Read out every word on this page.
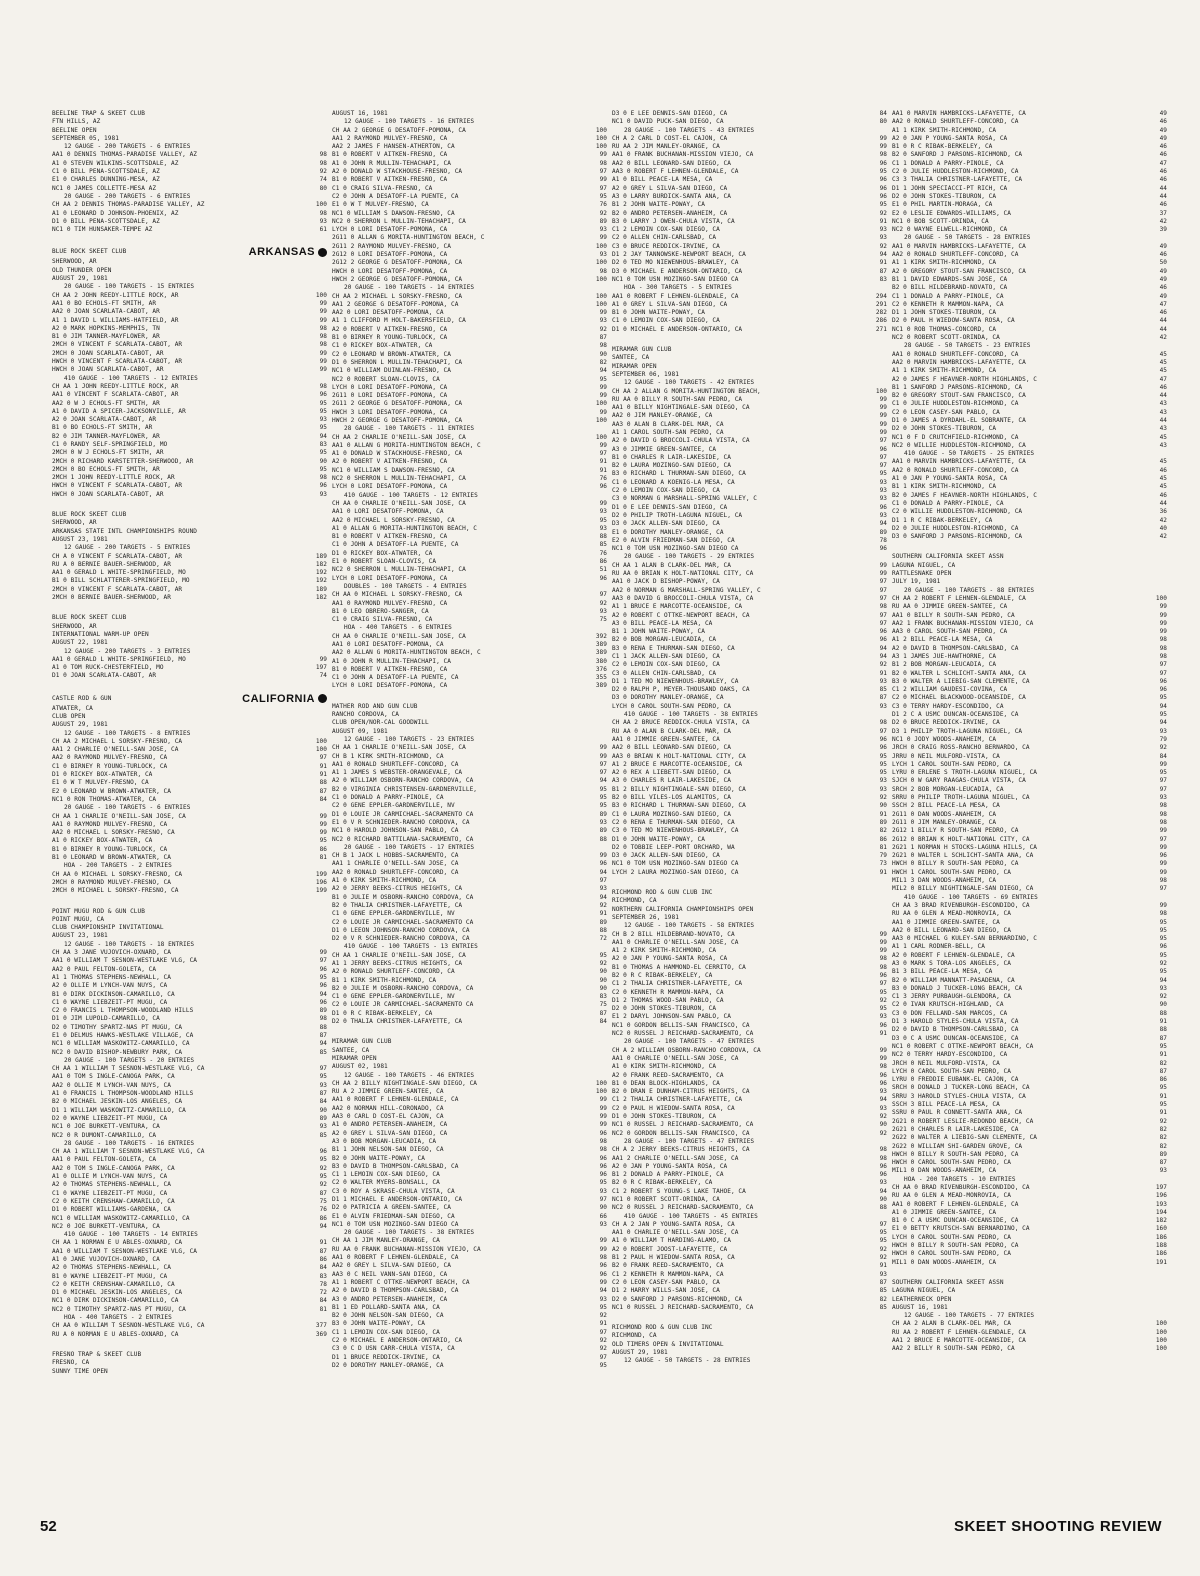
BEELINE TRAP & SKEET CLUB
FTN HILLS, AZ
BEELINE OPEN
SEPTEMBER 05, 1981
12 GAUGE - 200 TARGETS - 6 ENTRIES
AA1 0 DENNIS THOMAS-PARADISE VALLEY, AZ	98
A1 0 STEVEN WILKINS-SCOTTSDALE, AZ	98
C1 0 BILL PENA-SCOTTSDALE, AZ	92
E1 0 CHARLES DUNNING-MESA, AZ	74
NC1 0 JAMES COLLETTE-MESA AZ	80
20 GAUGE - 200 TARGETS - 6 ENTRIES
CH AA 2 DENNIS THOMAS-PARADISE VALLEY, AZ	100
A1 0 LEONARD D JOHNSON-PHOENIX, AZ	98
D1 0 BILL PENA-SCOTTSDALE, AZ	93
NC1 0 TIM HUNSAKER-TEMPE AZ	61
BLUE ROCK SKEET CLUB	ARKANSAS
SHERWOOD, AR
OLD THUNDER OPEN
AUGUST 29, 1981
20 GAUGE - 100 TARGETS - 15 ENTRIES
CH AA 2 JOHN REEDY-LITTLE ROCK, AR	100
AA1 0 BO ECHOLS-FT SMITH, AR	99
AA2 0 JOAN SCARLATA-CABOT, AR	99
A1 1 DAVID L WILLIAMS-HATFIELD, AR	99
A2 0 MARK HOPKINS-MEMPHIS, TN	98
B1 0 JIM TANNER-MAYFLOWER, AR	98
2MCH 0 VINCENT F SCARLATA-CABOT, AR	98
2MCH 0 JOAN SCARLATA-CABOT, AR	99
HWCH 0 VINCENT F SCARLATA-CABOT, AR	99
HWCH 0 JOAN SCARLATA-CABOT, AR	99
410 GAUGE - 100 TARGETS - 12 ENTRIES
CH AA 1 JOHN REEDY-LITTLE ROCK, AR	98
AA1 0 VINCENT F SCARLATA-CABOT, AR	96
AA2 0 W J ECHOLS-FT SMITH, AR	95
A1 0 DAVID A SPICER-JACKSONVILLE, AR	95
A2 0 JOAN SCARLATA-CABOT, AR	93
B1 0 BO ECHOLS-FT SMITH, AR	95
B2 0 JIM TANNER-MAYFLOWER, AR	94
C1 0 RANDY SELF-SPRINGFIELD, MO	83
2MCH 0 W J ECHOLS-FT SMITH, AR	95
2MCH 0 RICHARD KARSTETTER-SHERWOOD, AR	90
2MCH 0 BO ECHOLS-FT SMITH, AR	95
2MCH 1 JOHN REEDY-LITTLE ROCK, AR	98
HWCH 0 VINCENT F SCARLATA-CABOT, AR	96
HWCH 0 JOAN SCARLATA-CABOT, AR	93
BLUE ROCK SKEET CLUB
SHERWOOD, AR
ARKANSAS STATE INTL CHAMPIONSHIPS ROUND
AUGUST 23, 1981
12 GAUGE - 200 TARGETS - 5 ENTRIES
CH A 0 VINCENT F SCARLATA-CABOT, AR	189
RU A 0 BERNIE BAUER-SHERWOOD, AR	182
AA1 0 GERALD L WHITE-SPRINGFIELD, MO	192
B1 0 BILL SCHLATTERER-SPRINGFIELD, MO	192
2MCH 0 VINCENT F SCARLATA-CABOT, AR	189
2MCH 0 BERNIE BAUER-SHERWOOD, AR	182
BLUE ROCK SKEET CLUB
SHERWOOD, AR
INTERNATIONAL WARM-UP OPEN
AUGUST 22, 1981
12 GAUGE - 200 TARGETS - 3 ENTRIES
AA1 0 GERALD L WHITE-SPRINGFIELD, MO	99
A1 0 TOM RUCK-CHESTERFIELD, MO	197
D1 0 JOAN SCARLATA-CABOT, AR	74
CASTLE ROD & GUN	CALIFORNIA
ATWATER, CA
CLUB OPEN
AUGUST 29, 1981
12 GAUGE - 100 TARGETS - 8 ENTRIES
CH AA 2 MICHAEL L SORSKY-FRESNO, CA	100
AA1 2 CHARLIE O'NEILL-SAN JOSE, CA	100
AA2 0 RAYMOND MULVEY-FRESNO, CA	97
C1 0 BIRNEY R YOUNG-TURLOCK, CA	91
D1 0 RICKEY BOX-ATWATER, CA	91
E1 0 W T MULVEY-FRESNO, CA	88
E2 0 LEONARD W BROWN-ATWATER, CA	87
NC1 0 RON THOMAS-ATWATER, CA	84
20 GAUGE - 100 TARGETS - 6 ENTRIES
CH AA 1 CHARLIE O'NEILL-SAN JOSE, CA	99
AA1 0 RAYMOND MULVEY-FRESNO, CA	99
AA2 0 MICHAEL L SORSKY-FRESNO, CA	99
A1 0 RICKEY BOX-ATWATER, CA	95
B1 0 BIRNEY R YOUNG-TURLOCK, CA	86
B1 0 LEONARD W BROWN-ATWATER, CA	81
HOA - 200 TARGETS - 2 ENTRIES
CH AA 0 MICHAEL L SORSKY-FRESNO, CA	199
2MCH 0 RAYMOND MULVEY-FRESNO, CA	196
2MCH 0 MICHAEL L SORSKY-FRESNO, CA	199
POINT MUGU ROD & GUN CLUB
POINT MUGU, CA
CLUB CHAMPIONSHIP INVITATIONAL
AUGUST 23, 1981
12 GAUGE - 100 TARGETS - 18 ENTRIES
CH AA 3 JANE VUJOVICH-OXNARD, CA	99
AA1 0 WILLIAM T SESNON-WESTLAKE VLG, CA	97
AA2 0 PAUL FELTON-GOLETA, CA	96
A1 1 THOMAS STEPHENS-NEWHALL, CA	95
A2 0 OLLIE M LYNCH-VAN NUYS, CA	96
B1 0 DIRK DICKINSON-CAMARILLO, CA	94
C1 0 WAYNE LIEBZEIT-PT MUGU, CA	96
C2 0 FRANCIS L THOMPSON-WOODLAND HILLS	89
D1 0 JIM LUPOLD-CAMARILLO, CA	98
D2 0 TIMOTHY SPARTZ-NAS PT MUGU, CA	88
E1 0 DELMUS HAWKS-WESTLAKE VILLAGE, CA	87
NC1 0 WILLIAM WASKOWITZ-CAMARILLO, CA	94
NC2 0 DAVID BISHOP-NEWBURY PARK, CA	85
20 GAUGE - 100 TARGETS - 20 ENTRIES
CH AA 1 WILLIAM T SESNON-WESTLAKE VLG, CA	97
AA1 0 TOM S INGLE-CANOGA PARK, CA	95
AA2 0 OLLIE M LYNCH-VAN NUYS, CA	93
A1 0 FRANCIS L THOMPSON-WOODLAND HILLS	87
B2 0 MICHAEL JESKIN-LOS ANGELES, CA	84
D1 1 WILLIAM WASKOWITZ-CAMARILLO, CA	90
D2 0 WAYNE LIEBZEIT-PT MUGU, CA	89
NC1 0 JOE BURKETT-VENTURA, CA	93
NC2 0 R DUMONT-CAMARILLO, CA	85
28 GAUGE - 100 TARGETS - 16 ENTRIES
CH AA 1 WILLIAM T SESNON-WESTLAKE VLG, CA	96
AA1 0 PAUL FELTON-GOLETA, CA	95
AA2 0 TOM S INGLE-CANOGA PARK, CA	92
A1 0 OLLIE M LYNCH-VAN NUYS, CA	95
A2 0 THOMAS STEPHENS-NEWHALL, CA	92
C1 0 WAYNE LIEBZEIT-PT MUGU, CA	87
C2 0 KEITH CRENSHAW-CAMARILLO, CA	75
D1 0 ROBERT WILLIAMS-GARDENA, CA	76
NC1 0 WILLIAM WASKOWITZ-CAMARILLO, CA	86
NC2 0 JOE BURKETT-VENTURA, CA	94
410 GAUGE - 100 TARGETS - 14 ENTRIES
CH AA 1 NORMAN E U ABLES-OXNARD, CA	91
AA1 0 WILLIAM T SESNON-WESTLAKE VLG, CA	87
A1 0 JANE VUJOVICH-OXNARD, CA	86
A2 0 THOMAS STEPHENS-NEWHALL, CA	84
B1 0 WAYNE LIEBZEIT-PT MUGU, CA	83
C2 0 KEITH CRENSHAW-CAMARILLO, CA	78
D1 0 MICHAEL JESKIN-LOS ANGELES, CA	72
NC1 0 DIRK DICKINSON-CAMARILLO, CA	84
NC2 0 TIMOTHY SPARTZ-NAS PT MUGU, CA	81
HOA - 400 TARGETS - 2 ENTRIES
CH AA 0 WILLIAM T SESNON-WESTLAKE VLG, CA	377
RU A 0 NORMAN E U ABLES-OXNARD, CA	369
FRESNO TRAP & SKEET CLUB
FRESNO, CA
SUNNY TIME OPEN
AUGUST 16, 1981
12 GAUGE - 100 TARGETS - 16 ENTRIES
CH AA 2 GEORGE G DESATOFF-POMONA, CA	100
AA1 2 RAYMOND MULVEY-FRESNO, CA	100
AA2 2 JAMES F HANSEN-ATHERTON, CA	100
B1 0 ROBERT V AITKEN-FRESNO, CA	99
A1 0 JOHN R MULLIN-TEHACHAPI, CA	98
A2 0 DONALD W STACKHOUSE-FRESNO, CA	97
B1 0 ROBERT V AITKEN-FRESNO, CA	99
C1 0 CRAIG SILVA-FRESNO, CA	97
C2 0 JOHN A DESATOFF-LA PUENTE, CA	95
E1 0 W T MULVEY-FRESNO, CA	76
NC1 0 WILLIAM S DAWSON-FRESNO, CA	92
NC2 0 SHERRON L MULLIN-TEHACHAPI, CA	89
LYCH 0 LORI DESATOFF-POMONA, CA	93
2G11 0 ALLAN G MORITA-HUNTINGTON BEACH, C	99
2G11 2 RAYMOND MULVEY-FRESNO, CA	100
2G12 0 LORI DESATOFF-POMONA, CA	93
2G12 2 GEORGE G DESATOFF-POMONA, CA	100
HWCH 0 LORI DESATOFF-POMONA, CA	98
HWCH 2 GEORGE G DESATOFF-POMONA, CA	100
20 GAUGE - 100 TARGETS - 14 ENTRIES
CH AA 2 MICHAEL L SORSKY-FRESNO, CA	100
AA1 2 GEORGE G DESATOFF-POMONA, CA	100
AA2 0 LORI DESATOFF-POMONA, CA	99
A1 1 CLIFFORD M HOLT-BAKERSFIELD, CA	93
A2 0 ROBERT V AITKEN-FRESNO, CA	92
B1 0 BIRNEY R YOUNG-TURLOCK, CA	87
C1 0 RICKEY BOX-ATWATER, CA	98
C2 0 LEONARD W BROWN-ATWATER, CA	90
D1 0 SHERRON L MULLIN-TEHACHAPI, CA	82
NC1 0 WILLIAM DUINLAN-FRESNO, CA	94
NC2 0 ROBERT SLOAN-CLOVIS, CA	95
LYCH 0 LORI DESATOFF-POMONA, CA	99
2G11 0 LORI DESATOFF-POMONA, CA	99
2G11 2 GEORGE G DESATOFF-POMONA, CA	100
HWCH 3 LORI DESATOFF-POMONA, CA	99
HWCH 2 GEORGE G DESATOFF-POMONA, CA	100
28 GAUGE - 100 TARGETS - 11 ENTRIES
CH AA 2 CHARLIE O'NEILL-SAN JOSE, CA	100
AA1 0 ALLAN G MORITA-HUNTINGTON BEACH, C	99
A1 0 DONALD W STACKHOUSE-FRESNO, CA	97
A2 0 ROBERT V AITKEN-FRESNO, CA	91
NC1 0 WILLIAM S DAWSON-FRESNO, CA	91
NC2 0 SHERRON L MULLIN-TEHACHAPI, CA	76
LYCH 0 LORI DESATOFF-POMONA, CA	96
410 GAUGE - 100 TARGETS - 12 ENTRIES
CH AA 0 CHARLIE O'NEILL-SAN JOSE, CA	99
AA1 0 LORI DESATOFF-POMONA, CA	93
AA2 0 MICHAEL L SORSKY-FRESNO, CA	95
A1 0 ALLAN G MORITA-HUNTINGTON BEACH, C	93
B1 0 ROBERT V AITKEN-FRESNO, CA	88
C1 0 JOHN A DESATOFF-LA PUENTE, CA	85
D1 0 RICKEY BOX-ATWATER, CA	76
E1 0 ROBERT SLOAN-CLOVIS, CA	86
NC2 0 SHERRON L MULLIN-TEHACHAPI, CA	51
LYCH 0 LORI DESATOFF-POMONA, CA	96
DOUBLES - 100 TARGETS - 4 ENTRIES
CH AA 0 MICHAEL L SORSKY-FRESNO, CA	97
AA1 0 RAYMOND MULVEY-FRESNO, CA	92
B1 0 LEO OBRERO-SANGER, CA	93
C1 0 CRAIG SILVA-FRESNO, CA	75
HOA - 400 TARGETS - 6 ENTRIES
CH AA 0 CHARLIE O'NEILL-SAN JOSE, CA	392
AA1 0 LORI DESATOFF-POMONA, CA	389
AA2 0 ALLAN G MORITA-HUNTINGTON BEACH, C	389
A1 0 JOHN R MULLIN-TEHACHAPI, CA	380
B1 0 ROBERT V AITKEN-FRESNO, CA	376
C1 0 JOHN A DESATOFF-LA PUENTE, CA	355
LYCH 0 LORI DESATOFF-POMONA, CA	389
MATHER ROD AND GUN CLUB
RANCHO CORDOVA, CA
CLUB OPEN/NOR-CAL GOODWILL
AUGUST 09, 1981
12 GAUGE - 100 TARGETS - 23 ENTRIES
CH AA 1 CHARLIE O'NEILL-SAN JOSE, CA	99
CH B 1 KIRK SMITH-RICHMOND, CA	99
AA1 0 RONALD SHURTLEFF-CONCORD, CA	97
A1 1 JAMES S WEBSTER-ORANGEVALE, CA	97
A2 0 WILLIAM OSBORN-RANCHO CORDOVA, CA	94
B2 0 VIRGINIA CHRISTENSEN-GARDNERVILLE,	95
C1 0 DONALD A PARRY-PINOLE, CA	95
C2 0 GENE EPPLER-GARDNERVILLE, NV	95
D1 0 LOUIE JR CARMICHAEL-SACRAMENTO CA	89
E1 0 V R SCHNIEDER-RANCHO CORDOVA, CA	93
NC1 0 HAROLD JOHNSON-SAN PABLO, CA	89
NC2 0 RICHARD BATTILANA-SACRAMENTO, CA	88
20 GAUGE - 100 TARGETS - 17 ENTRIES
CH B 1 JACK L HOBBS-SACRAMENTO, CA	99
AA1 1 CHARLIE O'NEILL-SAN JOSE, CA	96
AA2 0 RONALD SHURTLEFF-CONCORD, CA	94
A1 0 KIRK SMITH-RICHMOND, CA	97
A2 0 JERRY BEEKS-CITRUS HEIGHTS, CA	93
B1 0 JULIE M OSBORN-RANCHO CORDOVA, CA	94
B2 0 THALIA CHRISTNER-LAFAYETTE, CA	92
C1 0 GENE EPPLER-GARDNERVILLE, NV	91
C2 0 LOUIE JR CARMICHAEL-SACRAMENTO CA	89
D1 0 LEEON JOHNSON-RANCHO CORDOVA, CA	88
D2 0 V R SCHNIEDER-RANCHO CORDOVA, CA	72
410 GAUGE - 100 TARGETS - 13 ENTRIES
CH AA 1 CHARLIE O'NEILL-SAN JOSE, CA	95
A1 1 JERRY BEEKS-CITRUS HEIGHTS, CA	92
A2 0 RONALD SHURTLEFF-CONCORD, CA	90
B1 1 KIRK SMITH-RICHMOND, CA	90
B2 0 JULIE M OSBORN-RANCHO CORDOVA, CA	90
C1 0 GENE EPPLER-GARDNERVILLE, NV	83
C2 0 LOUIE JR CARMICHAEL-SACRAMENTO CA	75
D1 0 R C RIBAK-BERKELEY, CA	87
D2 0 THALIA CHRISTNER-LAFAYETTE, CA	84
MIRAMAR GUN CLUB
SANTEE, CA
MIRAMAR OPEN
AUGUST 02, 1981
12 GAUGE - 100 TARGETS - 46 ENTRIES
CH AA 2 BILLY NIGHTINGALE-SAN DIEGO, CA	100
RU A 2 JIMMIE GREEN-SANTEE, CA	100
AA1 0 ROBERT F LEHNEN-GLENDALE, CA	99
AA2 0 NORMAN HILL-CORONADO, CA	99
AA3 0 CARL D COST-EL CAJON, CA	99
A1 0 ANDRO PETERSEN-ANAHEIM, CA	99
A2 0 GREY L SILVA-SAN DIEGO, CA	96
A3 0 BOB MORGAN-LEUCADIA, CA	98
B1 1 JOHN NELSON-SAN DIEGO, CA	98
B2 0 JOHN WAITE-POWAY, CA	96
B3 0 DAVID B THOMPSON-CARLSBAD, CA	96
C1 1 LEMOIN COX-SAN DIEGO, CA	96
C2 0 WALTER MYERS-BONSALL, CA	95
C3 0 ROY A SKRASE-CHULA VISTA, CA	93
D1 1 MICHAEL E ANDERSON-ONTARIO, CA	97
D2 0 PATRICIA A GREEN-SANTEE, CA	90
E1 0 ALVIN FRIEDMAN-SAN DIEGO, CA	66
NC1 0 TOM USN MOZINGO-SAN DIEGO CA	93
20 GAUGE - 100 TARGETS - 38 ENTRIES
CH AA 1 JIM MANLEY-ORANGE, CA	99
RU AA 0 FRANK BUCHANAN-MISSION VIEJO, CA	99
AA1 0 ROBERT F LEHNEN-GLENDALE, CA	98
AA2 0 GREY L SILVA-SAN DIEGO, CA	96
AA3 0 C NEIL VANN-SAN DIEGO, CA	96
A1 1 ROBERT C OTTKE-NEWPORT BEACH, CA	99
A2 0 DAVID B THOMPSON-CARLSBAD, CA	94
A3 0 ANDRO PETERSEN-ANAHEIM, CA	93
B1 1 ED POLLARD-SANTA ANA, CA	95
B2 0 JOHN NELSON-SAN DIEGO, CA	92
B3 0 JOHN WAITE-POWAY, CA	91
C1 1 LEMOIN COX-SAN DIEGO, CA	97
C2 0 MICHAEL E ANDERSON-ONTARIO, CA	92
C3 0 C D USN CARR-CHULA VISTA, CA	92
D1 1 BRUCE REDDICK-IRVINE, CA	97
D2 0 DOROTHY MANLEY-ORANGE, CA	95
D3 0 E LEE DENNIS-SAN DIEGO, CA	84
NC1 0 DAVID PUCK-SAN DIEGO, CA	80
28 GAUGE - 100 TARGETS - 43 ENTRIES
CH A 2 CARL D COST-EL CAJON, CA	99
RU AA 2 JIM MANLEY-ORANGE, CA	99
AA1 0 FRANK BUCHANAN-MISSION VIEJO, CA	98
AA2 0 BILL LEONARD-SAN DIEGO, CA	96
AA3 0 ROBERT F LEHNEN-GLENDALE, CA	95
A1 0 BILL PEACE-LA MESA, CA	96
A2 0 GREY L SILVA-SAN DIEGO, CA	96
A3 0 LARRY BURDICK-SANTA ANA, CA	96
B1 2 JOHN WAITE-POWAY, CA	95
B2 0 ANDRO PETERSEN-ANAHEIM, CA	92
B3 0 LARRY J OWEN-CHULA VISTA, CA	91
C1 2 LEMOIN COX-SAN DIEGO, CA	93
C2 0 ALLEN CHIN-CARLSBAD, CA	93
C3 0 BRUCE REDDICK-IRVINE, CA	92
D1 2 JAY TANNOWSKE-NEWPORT BEACH, CA	94
D2 0 TED MO NIEWENHOUS-BRAWLEY, CA	91
D3 0 MICHAEL E ANDERSON-ONTARIO, CA	87
NC1 0 TOM USN MOZINGO-SAN DIEGO CA	83
HOA - 300 TARGETS - 5 ENTRIES
AA1 0 ROBERT F LEHNEN-GLENDALE, CA	294
A1 0 GREY L SILVA-SAN DIEGO, CA	291
B1 0 JOHN WAITE-POWAY, CA	282
C1 0 LEMOIN COX-SAN DIEGO, CA	286
D1 0 MICHAEL E ANDERSON-ONTARIO, CA	271
MIRAMAR GUN CLUB
SANTEE, CA
MIRAMAR OPEN
SEPTEMBER 06, 1981
12 GAUGE - 100 TARGETS - 42 ENTRIES
CH AA 2 ALLAN G MORITA-HUNTINGTON BEACH,	100
RU AA 0 BILLY R SOUTH-SAN PEDRO, CA	99
AA1 0 BILLY NIGHTINGALE-SAN DIEGO, CA	99
AA2 0 JIM MANLEY-ORANGE, CA	99
AA3 0 ALAN B CLARK-DEL MAR, CA	99
A1 1 CAROL SOUTH-SAN PEDRO, CA	99
A2 0 DAVID G BROCCOLI-CHULA VISTA, CA	97
A3 0 JIMMIE GREEN-SANTEE, CA	96
B1 0 CHARLES R LAIR-LAKESIDE, CA	97
B2 0 LAURA MOZINGO-SAN DIEGO, CA	97
B3 0 RICHARD L THURMAN-SAN DIEGO, CA	95
C1 0 LEONARD A KOENIG-LA MESA, CA	93
C2 0 LEMOIN COX-SAN DIEGO, CA	93
C3 0 NORMAN G MARSHALL-SPRING VALLEY, C	93
D1 0 E LEE DENNIS-SAN DIEGO, CA	96
D2 0 PHILIP TROTH-LAGUNA NIGUEL, CA	93
D3 0 JACK ALLEN-SAN DIEGO, CA	94
E1 0 DOROTHY MANLEY-ORANGE, CA	89
E2 0 ALVIN FRIEDMAN-SAN DIEGO, CA	78
NC1 0 TOM USN MOZINGO-SAN DIEGO CA	96
20 GAUGE - 100 TARGETS - 29 ENTRIES
CH AA 1 ALAN B CLARK-DEL MAR, CA	99
RU AA 0 BRIAN K HOLT-NATIONAL CITY, CA	99
AA1 0 JACK D BISHOP-POWAY, CA	97
AA2 0 NORMAN G MARSHALL-SPRING VALLEY, C	97
AA3 0 DAVID G BROCCOLI-CHULA VISTA, CA	97
A1 1 BRUCE E MARCOTTE-OCEANSIDE, CA	98
A2 0 ROBERT C OTTKE-NEWPORT BEACH, CA	97
A3 0 BILL PEACE-LA MESA, CA	97
B1 1 JOHN WAITE-POWAY, CA	96
B2 0 BOB MORGAN-LEUCADIA, CA	96
B3 0 RENA E THURMAN-SAN DIEGO, CA	94
C1 1 JACK ALLEN-SAN DIEGO, CA	94
C2 0 LEMOIN COX-SAN DIEGO, CA	92
C3 0 ALLEN CHIN-CARLSBAD, CA	91
D1 1 TED MO NIEWENHOUS-BRAWLEY, CA	93
D2 0 RALPH P, MEYER-THOUSAND OAKS, CA	85
D3 0 DOROTHY MANLEY-ORANGE, CA	87
LYCH 0 CAROL SOUTH-SAN PEDRO, CA	93
410 GAUGE - 100 TARGETS - 38 ENTRIES
CH AA 2 BRUCE REDDICK-CHULA VISTA, CA	98
RU AA 0 ALAN B CLARK-DEL MAR, CA	97
AA1 0 JIMMIE GREEN-SANTEE, CA	96
AA2 0 BILL LEONARD-SAN DIEGO, CA	96
AA3 0 BRIAN K HOLT-NATIONAL CITY, CA	95
A1 2 BRUCE E MARCOTTE-OCEANSIDE, CA	95
A2 0 REX A LIEBETT-SAN DIEGO, CA	95
A3 0 CHARLES R LAIR-LAKESIDE, CA	93
B1 2 BILLY NIGHTINGALE-SAN DIEGO, CA	93
B2 0 BILL VILES-LOS ALAMITOS, CA	92
B3 0 RICHARD L THURMAN-SAN DIEGO, CA	90
C1 0 LAURA MOZINGO-SAN DIEGO, CA	91
C2 0 RENA E THURMAN-SAN DIEGO, CA	89
C3 0 TED MO NIEWENHOUS-BRAWLEY, CA	82
D1 0 JOHN WAITE-POWAY, CA	86
D2 0 TOBBIE LEEP-PORT ORCHARD, WA	81
D3 0 JACK ALLEN-SAN DIEGO, CA	79
NC1 0 TOM USN MOZINGO-SAN DIEGO CA	73
LYCH 2 LAURA MOZINGO-SAN DIEGO, CA	91
RICHMOND ROD & GUN CLUB INC
RICHMOND, CA
NORTHERN CALIFORNIA CHAMPIONSHIPS OPEN
SEPTEMBER 26, 1981
12 GAUGE - 100 TARGETS - 58 ENTRIES
CH B 2 BILL HILDEBRAND-NOVATO, CA	99
AA1 0 CHARLIE O'NEILL-SAN JOSE, CA	99
A1 2 KIRK SMITH-RICHMOND, CA	99
A2 0 JAN P YOUNG-SANTA ROSA, CA	98
B1 0 THOMAS A HAMMOND-EL CERRITO, CA	98
B2 0 R C RIBAK-BERKELEY, CA	96
C1 2 THALIA CHRISTNER-LAFAYETTE, CA	97
C2 0 KENNETH R MAMMON-NAPA, CA	95
D1 2 THOMAS WOOD-SAN PABLO, CA	92
D2 0 JOHN STOKES-TIBURON, CA	95
E1 2 DARYL JOHNSON-SAN PABLO, CA	93
NC1 0 GORDON BELLIS-SAN FRANCISCO, CA	96
NC2 0 RUSSEL J REICHARD-SACRAMENTO, CA	91
20 GAUGE - 100 TARGETS - 47 ENTRIES
CH A 2 WILLIAM OSBORN-RANCHO CORDOVA, CA	99
AA1 0 CHARLIE O'NEILL-SAN JOSE, CA	99
A1 0 KIRK SMITH-RICHMOND, CA	98
A2 0 FRANK REED-SACRAMENTO, CA	96
B1 0 DEAN BLOCK-HIGHLANDS, CA	96
B2 0 DRAN E DUNHAM-CITRUS HEIGHTS, CA	93
C1 2 THALIA CHRISTNER-LAFAYETTE, CA	94
C2 0 PAUL H WIEDOW-SANTA ROSA, CA	93
D1 0 JOHN STOKES-TIBURON, CA	92
NC1 0 RUSSEL J REICHARD-SACRAMENTO, CA	90
NC2 0 GORDON BELLIS-SAN FRANCISCO, CA	92
28 GAUGE - 100 TARGETS - 47 ENTRIES
CH A 2 JERRY BEEKS-CITRUS HEIGHTS, CA	98
AA1 2 CHARLIE O'NEILL-SAN JOSE, CA	98
A2 0 JAN P YOUNG-SANTA ROSA, CA	96
B1 2 DONALD A PARRY-PINOLE, CA	96
B2 0 R C RIBAK-BERKELEY, CA	93
C1 2 ROBERT S YOUNG-S LAKE TAHOE, CA	94
NC1 0 ROBERT SCOTT-ORINDA, CA	90
NC2 0 RUSSEL J REICHARD-SACRAMENTO, CA	88
410 GAUGE - 100 TARGETS - 45 ENTRIES
CH A 2 JAN P YOUNG-SANTA ROSA, CA	97
AA1 0 CHARLIE O'NEILL-SAN JOSE, CA	95
A1 0 WILLIAM T HARDING-ALAMO, CA	95
A2 0 ROBERT JOOST-LAFAYETTE, CA	92
B1 2 PAUL H WIEDOW-SANTA ROSA, CA	92
B2 0 FRANK REED-SACRAMENTO, CA	91
C1 2 KENNETH R MAMMON-NAPA, CA	93
C2 0 LEON CASEY-SAN PABLO, CA	87
D1 2 HARRY WILLS-SAN JOSE, CA	85
D2 0 SANFORD J PARSONS-RICHMOND, CA	82
NC1 0 RUSSEL J REICHARD-SACRAMENTO, CA	85
RICHMOND ROD & GUN CLUB INC
RICHMOND, CA
OLD TIMERS OPEN & INVITATIONAL
AUGUST 29, 1981
12 GAUGE - 50 TARGETS - 28 ENTRIES
AA1 0 MARVIN HAMBRICKS-LAFAYETTE, CA	49
AA2 0 RONALD SHURTLEFF-CONCORD, CA	46
A1 1 KIRK SMITH-RICHMOND, CA	49
A2 0 JAN P YOUNG-SANTA ROSA, CA	49
B1 0 R C RIBAK-BERKELEY, CA	46
B2 0 SANFORD J PARSONS-RICHMOND, CA	46
C1 1 DONALD A PARRY-PINOLE, CA	47
C2 0 JULIE HUDDLESTON-RICHMOND, CA	46
C3 3 THALIA CHRISTNER-LAFAYETTE, CA	46
D1 1 JOHN SPECIACCI-PT RICH, CA	44
D2 0 JOHN STOKES-TIBURON, CA	44
E1 0 PHIL MARTIN-MORAGA, CA	46
E2 0 LESLIE EDWARDS-WILLIAMS, CA	37
NC1 0 BOB SCOTT-ORINDA, CA	42
NC2 0 WAYNE ELWELL-RICHMOND, CA	39
20 GAUGE - 50 TARGETS - 28 ENTRIES
AA1 0 MARVIN HAMBRICKS-LAFAYETTE, CA	49
AA2 0 RONALD SHURTLEFF-CONCORD, CA	46
A1 1 KIRK SMITH-RICHMOND, CA	50
A2 0 GREGORY STOUT-SAN FRANCISCO, CA	49
B1 1 DAVID EDWARDS-SAN JOSE, CA	49
B2 0 BILL HILDEBRAND-NOVATO, CA	46
C1 1 DONALD A PARRY-PINOLE, CA	49
C2 0 KENNETH R MAMMON-NAPA, CA	47
D1 1 JOHN STOKES-TIBURON, CA	46
D2 0 PAUL H WIEDOW-SANTA ROSA, CA	44
NC1 0 ROB THOMAS-CONCORD, CA	44
NC2 0 ROBERT SCOTT-ORINDA, CA	42
28 GAUGE - 50 TARGETS - 23 ENTRIES
AA1 0 RONALD SHURTLEFF-CONCORD, CA	45
AA2 0 MARVIN HAMBRICKS-LAFAYETTE, CA	45
A1 1 KIRK SMITH-RICHMOND, CA	45
A2 0 JAMES F HEAVNER-NORTH HIGHLANDS, C	47
B1 1 SANFORD J PARSONS-RICHMOND, CA	46
B2 0 GREGORY STOUT-SAN FRANCISCO, CA	44
C1 0 JULIE HUDDLESTON-RICHMOND, CA	43
C2 0 LEON CASEY-SAN PABLO, CA	43
D1 0 JAMES A DYRDAHL-EL SOBRANTE, CA	44
D2 0 JOHN STOKES-TIBURON, CA	43
NC1 0 F D CRUTCHFIELD-RICHMOND, CA	45
NC2 0 WILLIE HUDDLESTON-RICHMOND, CA	43
410 GAUGE - 50 TARGETS - 25 ENTRIES
AA1 0 MARVIN HAMBRICKS-LAFAYETTE, CA	45
AA2 0 RONALD SHURTLEFF-CONCORD, CA	46
A1 0 JAN P YOUNG-SANTA ROSA, CA	45
B1 1 KIRK SMITH-RICHMOND, CA	45
B2 0 JAMES F HEAVNER-NORTH HIGHLANDS, C	46
C1 0 DONALD A PARRY-PINOLE, CA	44
C2 0 WILLIE HUDDLESTON-RICHMOND, CA	36
D1 1 R C RIBAK-BERKELEY, CA	42
D2 0 JULIE HUDDLESTON-RICHMOND, CA	40
D3 0 SANFORD J PARSONS-RICHMOND, CA	42
SOUTHERN CALIFORNIA SKEET ASSN
LAGUNA NIGUEL, CA
RATTLESNAKE OPEN
JULY 19, 1981
20 GAUGE - 100 TARGETS - 88 ENTRIES
CH AA 2 ROBERT F LEHNEN-GLENDALE, CA	100
RU AA 0 JIMMIE GREEN-SANTEE, CA	99
AA1 0 BILLY R SOUTH-SAN PEDRO, CA	99
AA2 1 FRANK BUCHANAN-MISSION VIEJO, CA	99
AA3 0 CAROL SOUTH-SAN PEDRO, CA	99
A1 2 BILL PEACE-LA MESA, CA	98
A2 0 DAVID B THOMPSON-CARLSBAD, CA	98
A3 1 JAMES JUE-HAWTHORNE, CA	98
B1 2 BOB MORGAN-LEUCADIA, CA	97
B2 0 WALTER L SCHLICHT-SANTA ANA, CA	97
B3 0 WALTER A LIEBIG-SAN CLEMENTE, CA	96
C1 2 WILLIAM GAUDESI-COVINA, CA	96
C2 0 MICHAEL BLACKWOOD-OCEANSIDE, CA	95
C3 0 TERRY HARDY-ESCONDIDO, CA	94
D1 2 C A USMC DUNCAN-OCEANSIDE, CA	95
D2 0 BRUCE REDDICK-IRVINE, CA	94
D3 1 PHILIP TROTH-LAGUNA NIGUEL, CA	93
NC1 0 JODY WOODS-ANAHEIM, CA	79
JRCH 0 CRAIG ROSS-RANCHO BERNARDO, CA	92
JRRU 0 NEIL MULFORD-VISTA, CA	84
LYCH 1 CAROL SOUTH-SAN PEDRO, CA	99
LYRU 0 ERLENE S TROTH-LAGUNA NIGUEL, CA	95
SJCH 0 W GARY RAAGAS-CHULA VISTA, CA	97
SRCH 2 BOB MORGAN-LEUCADIA, CA	97
SRRU 0 PHILIP TROTH-LAGUNA NIGUEL, CA	93
SSCH 2 BILL PEACE-LA MESA, CA	98
2G11 0 DAN WOODS-ANAHEIM, CA	98
2G11 0 JIM MANLEY-ORANGE, CA	98
2G12 1 BILLY R SOUTH-SAN PEDRO, CA	99
2G12 0 BRIAN K HOLT-NATIONAL CITY, CA	97
2G21 1 NORMAN H STOCKS-LAGUNA HILLS, CA	99
2G21 0 WALTER L SCHLICHT-SANTA ANA, CA	96
HWCH 0 BILLY R SOUTH-SAN PEDRO, CA	99
HWCH 1 CAROL SOUTH-SAN PEDRO, CA	99
MIL1 3 DAN WOODS-ANAHEIM, CA	98
MIL2 0 BILLY NIGHTINGALE-SAN DIEGO, CA	97
410 GAUGE - 100 TARGETS - 69 ENTRIES
CH AA 3 BRAD RIVENBURGH-ESCONDIDO, CA	99
RU AA 0 GLEN A MEAD-MONROVIA, CA	98
AA1 0 JIMMIE GREEN-SANTEE, CA	95
AA2 0 BILL LEONARD-SAN DIEGO, CA	95
AA3 0 MICHAEL G KULEY-SAN BERNARDINO, C	95
A1 1 CARL RODNER-BELL, CA	96
A2 0 ROBERT F LEHNEN-GLENDALE, CA	95
A3 0 MARK S TORA-LOS ANGELES, CA	92
B1 3 BILL PEACE-LA MESA, CA	95
B2 0 WILLIAM MANNATT-PASADENA, CA	94
B3 0 DONALD J TUCKER-LONG BEACH, CA	93
C1 3 JERRY PURBAUGH-GLENDORA, CA	92
C2 0 IVAN KRUTSCH-HIGHLAND, CA	90
C3 0 DON FELLAND-SAN MARCOS, CA	88
D1 3 HAROLD STYLES-CHULA VISTA, CA	91
D2 0 DAVID B THOMPSON-CARLSBAD, CA	88
D3 0 C A USMC DUNCAN-OCEANSIDE, CA	87
NC1 0 ROBERT C OTTKE-NEWPORT BEACH, CA	95
NC2 0 TERRY HARDY-ESCONDIDO, CA	91
JRCH 0 NEIL MULFORD-VISTA, CA	82
LYCH 0 CAROL SOUTH-SAN PEDRO, CA	87
LYRU 0 FREDDIE EUBANK-EL CAJON, CA	86
SRCH 0 DONALD J TUCKER-LONG BEACH, CA	95
SRRU 3 HAROLD STYLES-CHULA VISTA, CA	91
SSCH 3 BILL PEACE-LA MESA, CA	95
SSRU 0 PAUL R CONNETT-SANTA ANA, CA	91
2G21 0 ROBERT LESLIE-REDONDO BEACH, CA	92
2G21 0 CHARLES R LAIR-LAKESIDE, CA	82
2G22 0 WALTER A LIEBIG-SAN CLEMENTE, CA	82
2G22 0 WILLIAM SHI-GARDEN GROVE, CA	82
HWCH 0 BILLY R SOUTH-SAN PEDRO, CA	89
HWCH 0 CAROL SOUTH-SAN PEDRO, CA	87
MIL1 0 DAN WOODS-ANAHEIM, CA	93
HOA - 200 TARGETS - 10 ENTRIES
CH AA 0 BRAD RIVENBURGH-ESCONDIDO, CA	197
RU AA 0 GLEN A MEAD-MONROVIA, CA	196
AA1 0 ROBERT F LEHNEN-GLENDALE, CA	193
A1 0 JIMMIE GREEN-SANTEE, CA	194
B1 0 C A USMC DUNCAN-OCEANSIDE, CA	182
E1 0 BETTY KRUTSCH-SAN BERNARDINO, CA	160
LYCH 0 CAROL SOUTH-SAN PEDRO, CA	186
HWCH 0 BILLY R SOUTH-SAN PEDRO, CA	188
HWCH 0 CAROL SOUTH-SAN PEDRO, CA	186
MIL1 0 DAN WOODS-ANAHEIM, CA	191
SOUTHERN CALIFORNIA SKEET ASSN
LAGUNA NIGUEL, CA
LEATHERNECK OPEN
AUGUST 16, 1981
12 GAUGE - 100 TARGETS - 77 ENTRIES
CH AA 2 ALAN B CLARK-DEL MAR, CA	100
RU AA 2 ROBERT F LEHNEN-GLENDALE, CA	100
AA1 2 BRUCE E MARCOTTE-OCEANSIDE, CA	100
AA2 2 BILLY R SOUTH-SAN PEDRO, CA	100
52	SKEET SHOOTING REVIEW
